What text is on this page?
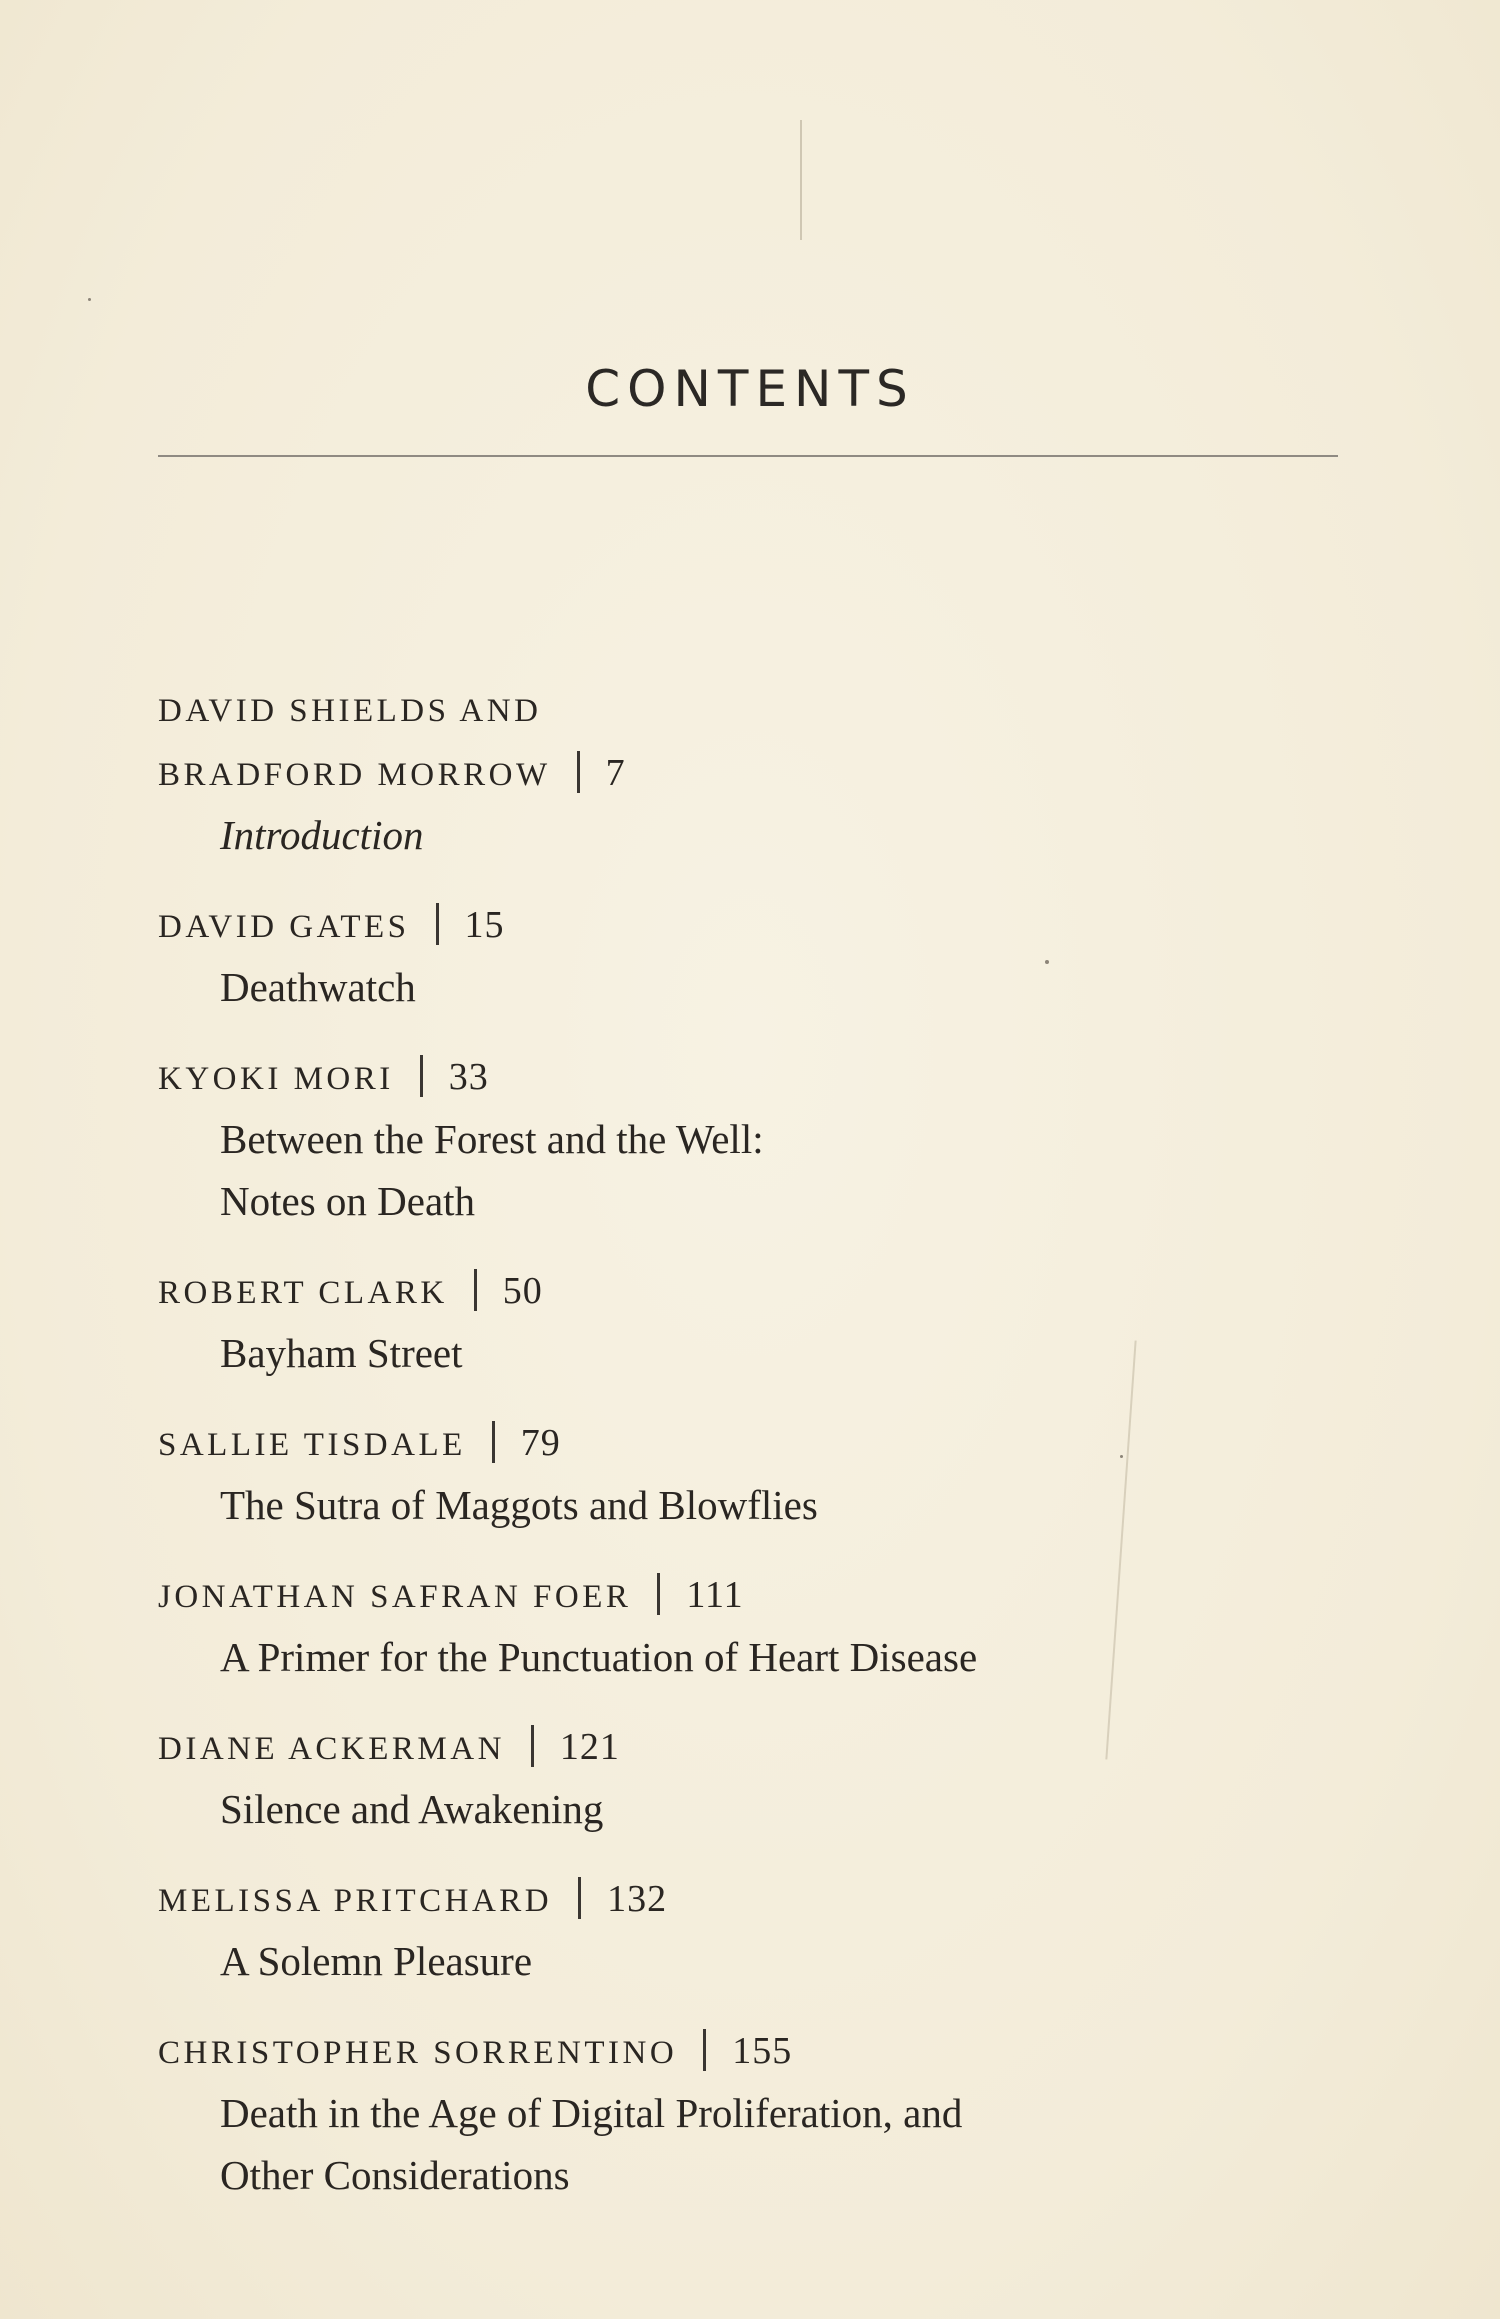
CONTENTS
DAVID SHIELDS AND
BRADFORD MORROW 7
Introduction
DAVID GATES 15
Deathwatch
KYOKI MORI 33
Between the Forest and the Well:
Notes on Death
ROBERT CLARK 50
Bayham Street
SALLIE TISDALE 79
The Sutra of Maggots and Blowflies
JONATHAN SAFRAN FOER 111
A Primer for the Punctuation of Heart Disease
DIANE ACKERMAN 121
Silence and Awakening
MELISSA PRITCHARD 132
A Solemn Pleasure
CHRISTOPHER SORRENTINO 155
Death in the Age of Digital Proliferation, and
Other Considerations
